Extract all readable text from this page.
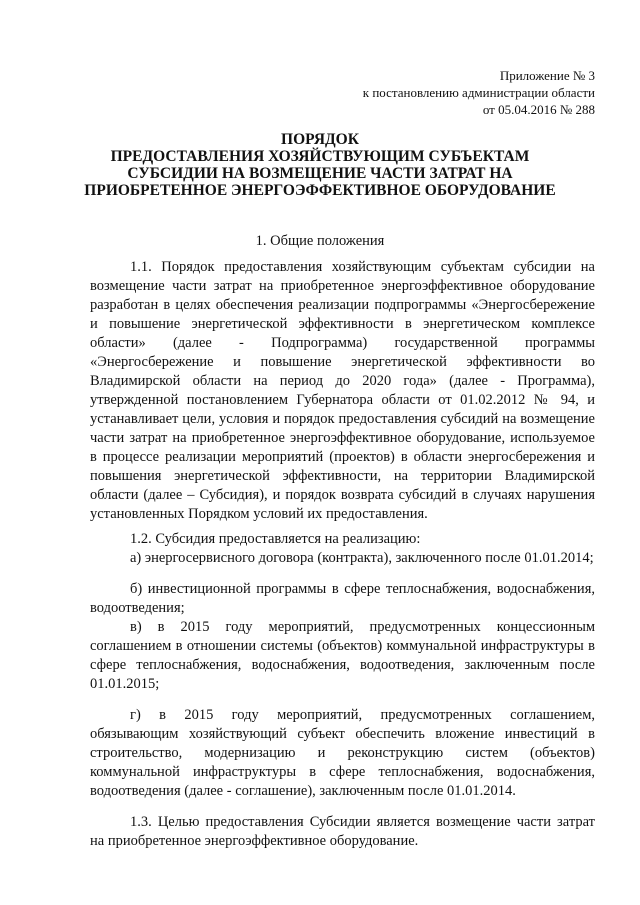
Приложение № 3
к постановлению администрации области
от 05.04.2016 № 288
ПОРЯДОК
ПРЕДОСТАВЛЕНИЯ ХОЗЯЙСТВУЮЩИМ СУБЪЕКТАМ
СУБСИДИИ НА ВОЗМЕЩЕНИЕ ЧАСТИ ЗАТРАТ НА
ПРИОБРЕТЕННОЕ ЭНЕРГОЭФФЕКТИВНОЕ ОБОРУДОВАНИЕ
1. Общие положения
1.1. Порядок предоставления хозяйствующим субъектам субсидии на возмещение части затрат на приобретенное энергоэффективное оборудование разработан в целях обеспечения реализации подпрограммы «Энергосбережение и повышение энергетической эффективности в энергетическом комплексе области» (далее - Подпрограмма) государственной программы «Энергосбережение и повышение энергетической эффективности во Владимирской области на период до 2020 года» (далее - Программа), утвержденной постановлением Губернатора области от 01.02.2012 № 94, и устанавливает цели, условия и порядок предоставления субсидий на возмещение части затрат на приобретенное энергоэффективное оборудование, используемое в процессе реализации мероприятий (проектов) в области энергосбережения и повышения энергетической эффективности, на территории Владимирской области (далее – Субсидия), и порядок возврата субсидий в случаях нарушения установленных Порядком условий их предоставления.
1.2. Субсидия предоставляется на реализацию:
а) энергосервисного договора (контракта), заключенного после 01.01.2014;
б) инвестиционной программы в сфере теплоснабжения, водоснабжения, водоотведения;
в) в 2015 году мероприятий, предусмотренных концессионным соглашением в отношении системы (объектов) коммунальной инфраструктуры в сфере теплоснабжения, водоснабжения, водоотведения, заключенным после 01.01.2015;
г) в 2015 году мероприятий, предусмотренных соглашением, обязывающим хозяйствующий субъект обеспечить вложение инвестиций в строительство, модернизацию и реконструкцию систем (объектов) коммунальной инфраструктуры в сфере теплоснабжения, водоснабжения, водоотведения (далее - соглашение), заключенным после 01.01.2014.
1.3. Целью предоставления Субсидии является возмещение части затрат на приобретенное энергоэффективное оборудование.
